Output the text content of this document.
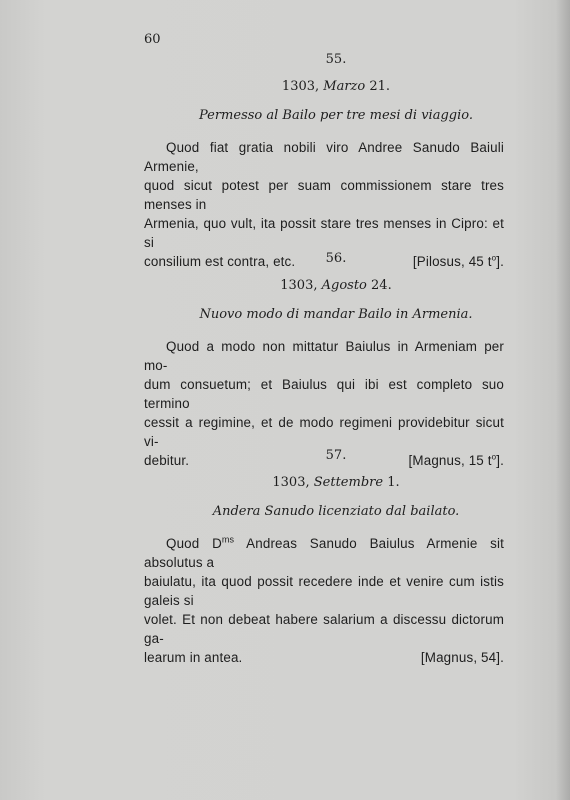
60
55.
1303, Marzo 21.
Permesso al Bailo per tre mesi di viaggio.
Quod fiat gratia nobili viro Andree Sanudo Baiuli Armenie,
quod sicut potest per suam commissionem stare tres menses in
Armenia, quo vult, ita possit stare tres menses in Cipro: et si
consilium est contra, etc.	[Pilosus, 45 $t^o$].
56.
1303, Agosto 24.
Nuovo modo di mandar Bailo in Armenia.
Quod a modo non mittatur Baiulus in Armeniam per mo-
dum consuetum; et Baiulus qui ibi est completo suo termino
cessit a regimine, et de modo regimeni providebitur sicut vi-
debitur.	[Magnus, 15 $t^o$].
57.
1303, Settembre 1.
Andera Sanudo licenziato dal bailato.
Quod $D^{ms}$ Andreas Sanudo Baiulus Armenie sit absolutus a
baiulatu, ita quod possit recedere inde et venire cum istis galeis si
volet. Et non debeat habere salarium a discessu dictorum ga-
learum in antea.	[Magnus, 54].
